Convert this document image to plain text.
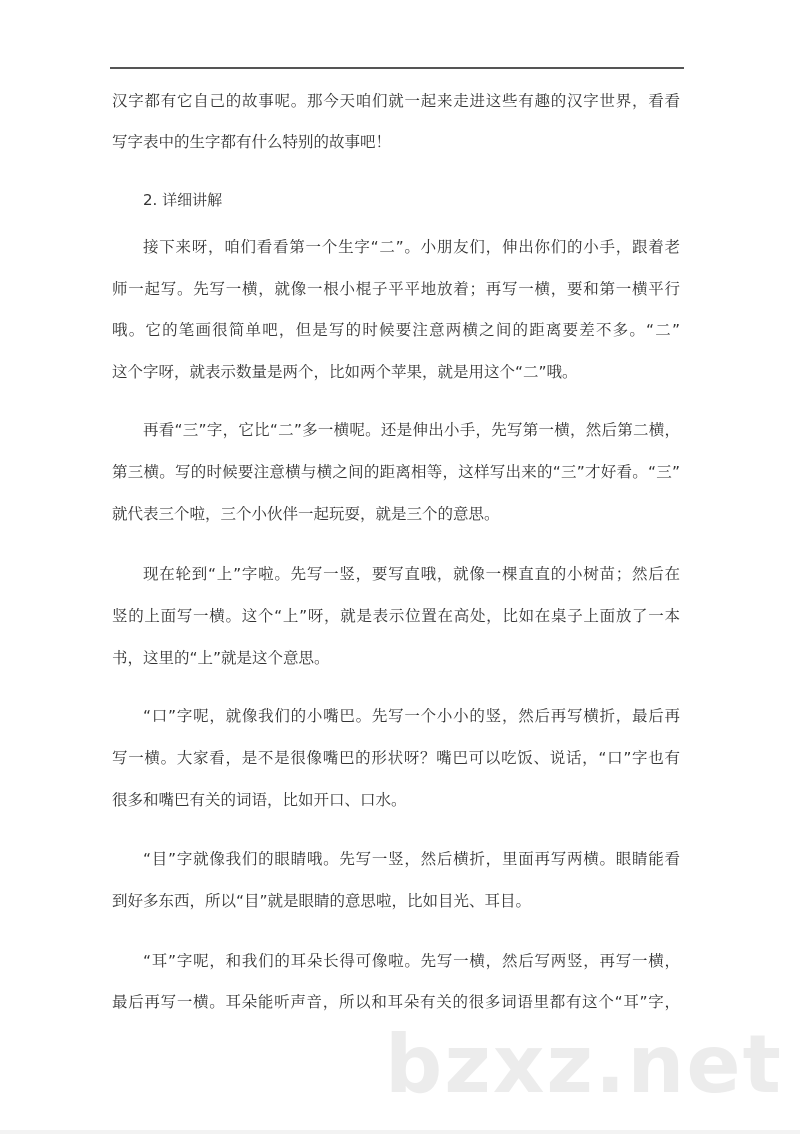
汉字都有它自己的故事呢。那今天咱们就一起来走进这些有趣的汉字世界，看看
写字表中的生字都有什么特别的故事吧！
2. 详细讲解
接下来呀，咱们看看第一个生字“二”。小朋友们，伸出你们的小手，跟着老
师一起写。先写一横，就像一根小棍子平平地放着；再写一横，要和第一横平行
哦。它的笔画很简单吧，但是写的时候要注意两横之间的距离要差不多。“二”
这个字呀，就表示数量是两个，比如两个苹果，就是用这个“二”哦。
再看“三”字，它比“二”多一横呢。还是伸出小手，先写第一横，然后第二横，
第三横。写的时候要注意横与横之间的距离相等，这样写出来的“三”才好看。“三”
就代表三个啦，三个小伙伴一起玩耍，就是三个的意思。
现在轮到“上”字啦。先写一竖，要写直哦，就像一棵直直的小树苗；然后在
竖的上面写一横。这个“上”呀，就是表示位置在高处，比如在桌子上面放了一本
书，这里的“上”就是这个意思。
“口”字呢，就像我们的小嘴巴。先写一个小小的竖，然后再写横折，最后再
写一横。大家看，是不是很像嘴巴的形状呀？嘴巴可以吃饭、说话，“口”字也有
很多和嘴巴有关的词语，比如开口、口水。
“目”字就像我们的眼睛哦。先写一竖，然后横折，里面再写两横。眼睛能看
到好多东西，所以“目”就是眼睛的意思啦，比如目光、耳目。
“耳”字呢，和我们的耳朵长得可像啦。先写一横，然后写两竖，再写一横，
最后再写一横。耳朵能听声音，所以和耳朵有关的很多词语里都有这个“耳”字，
bzxz.net
